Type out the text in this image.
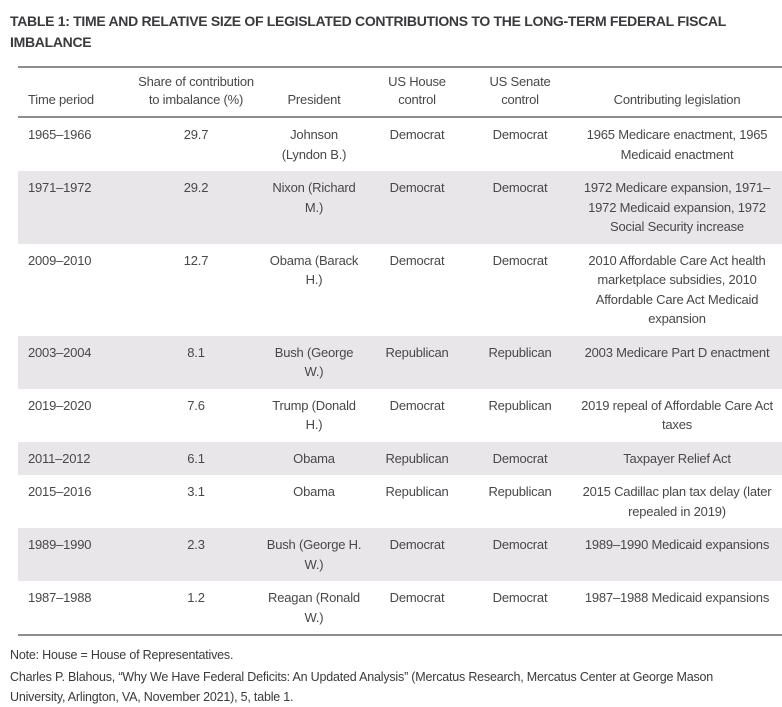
TABLE 1: TIME AND RELATIVE SIZE OF LEGISLATED CONTRIBUTIONS TO THE LONG-TERM FEDERAL FISCAL IMBALANCE
Time period	Share of contribution to imbalance (%)	President	US House control	US Senate control	Contributing legislation
1965–1966	29.7	Johnson (Lyndon B.)	Democrat	Democrat	1965 Medicare enactment, 1965 Medicaid enactment
1971–1972	29.2	Nixon (Richard M.)	Democrat	Democrat	1972 Medicare expansion, 1971–1972 Medicaid expansion, 1972 Social Security increase
2009–2010	12.7	Obama (Barack H.)	Democrat	Democrat	2010 Affordable Care Act health marketplace subsidies, 2010 Affordable Care Act Medicaid expansion
2003–2004	8.1	Bush (George W.)	Republican	Republican	2003 Medicare Part D enactment
2019–2020	7.6	Trump (Donald H.)	Democrat	Republican	2019 repeal of Affordable Care Act taxes
2011–2012	6.1	Obama	Republican	Democrat	Taxpayer Relief Act
2015–2016	3.1	Obama	Republican	Republican	2015 Cadillac plan tax delay (later repealed in 2019)
1989–1990	2.3	Bush (George H. W.)	Democrat	Democrat	1989–1990 Medicaid expansions
1987–1988	1.2	Reagan (Ronald W.)	Democrat	Democrat	1987–1988 Medicaid expansions

Note: House = House of Representatives.

Charles P. Blahous, “Why We Have Federal Deficits: An Updated Analysis” (Mercatus Research, Mercatus Center at George Mason University, Arlington, VA, November 2021), 5, table 1.
